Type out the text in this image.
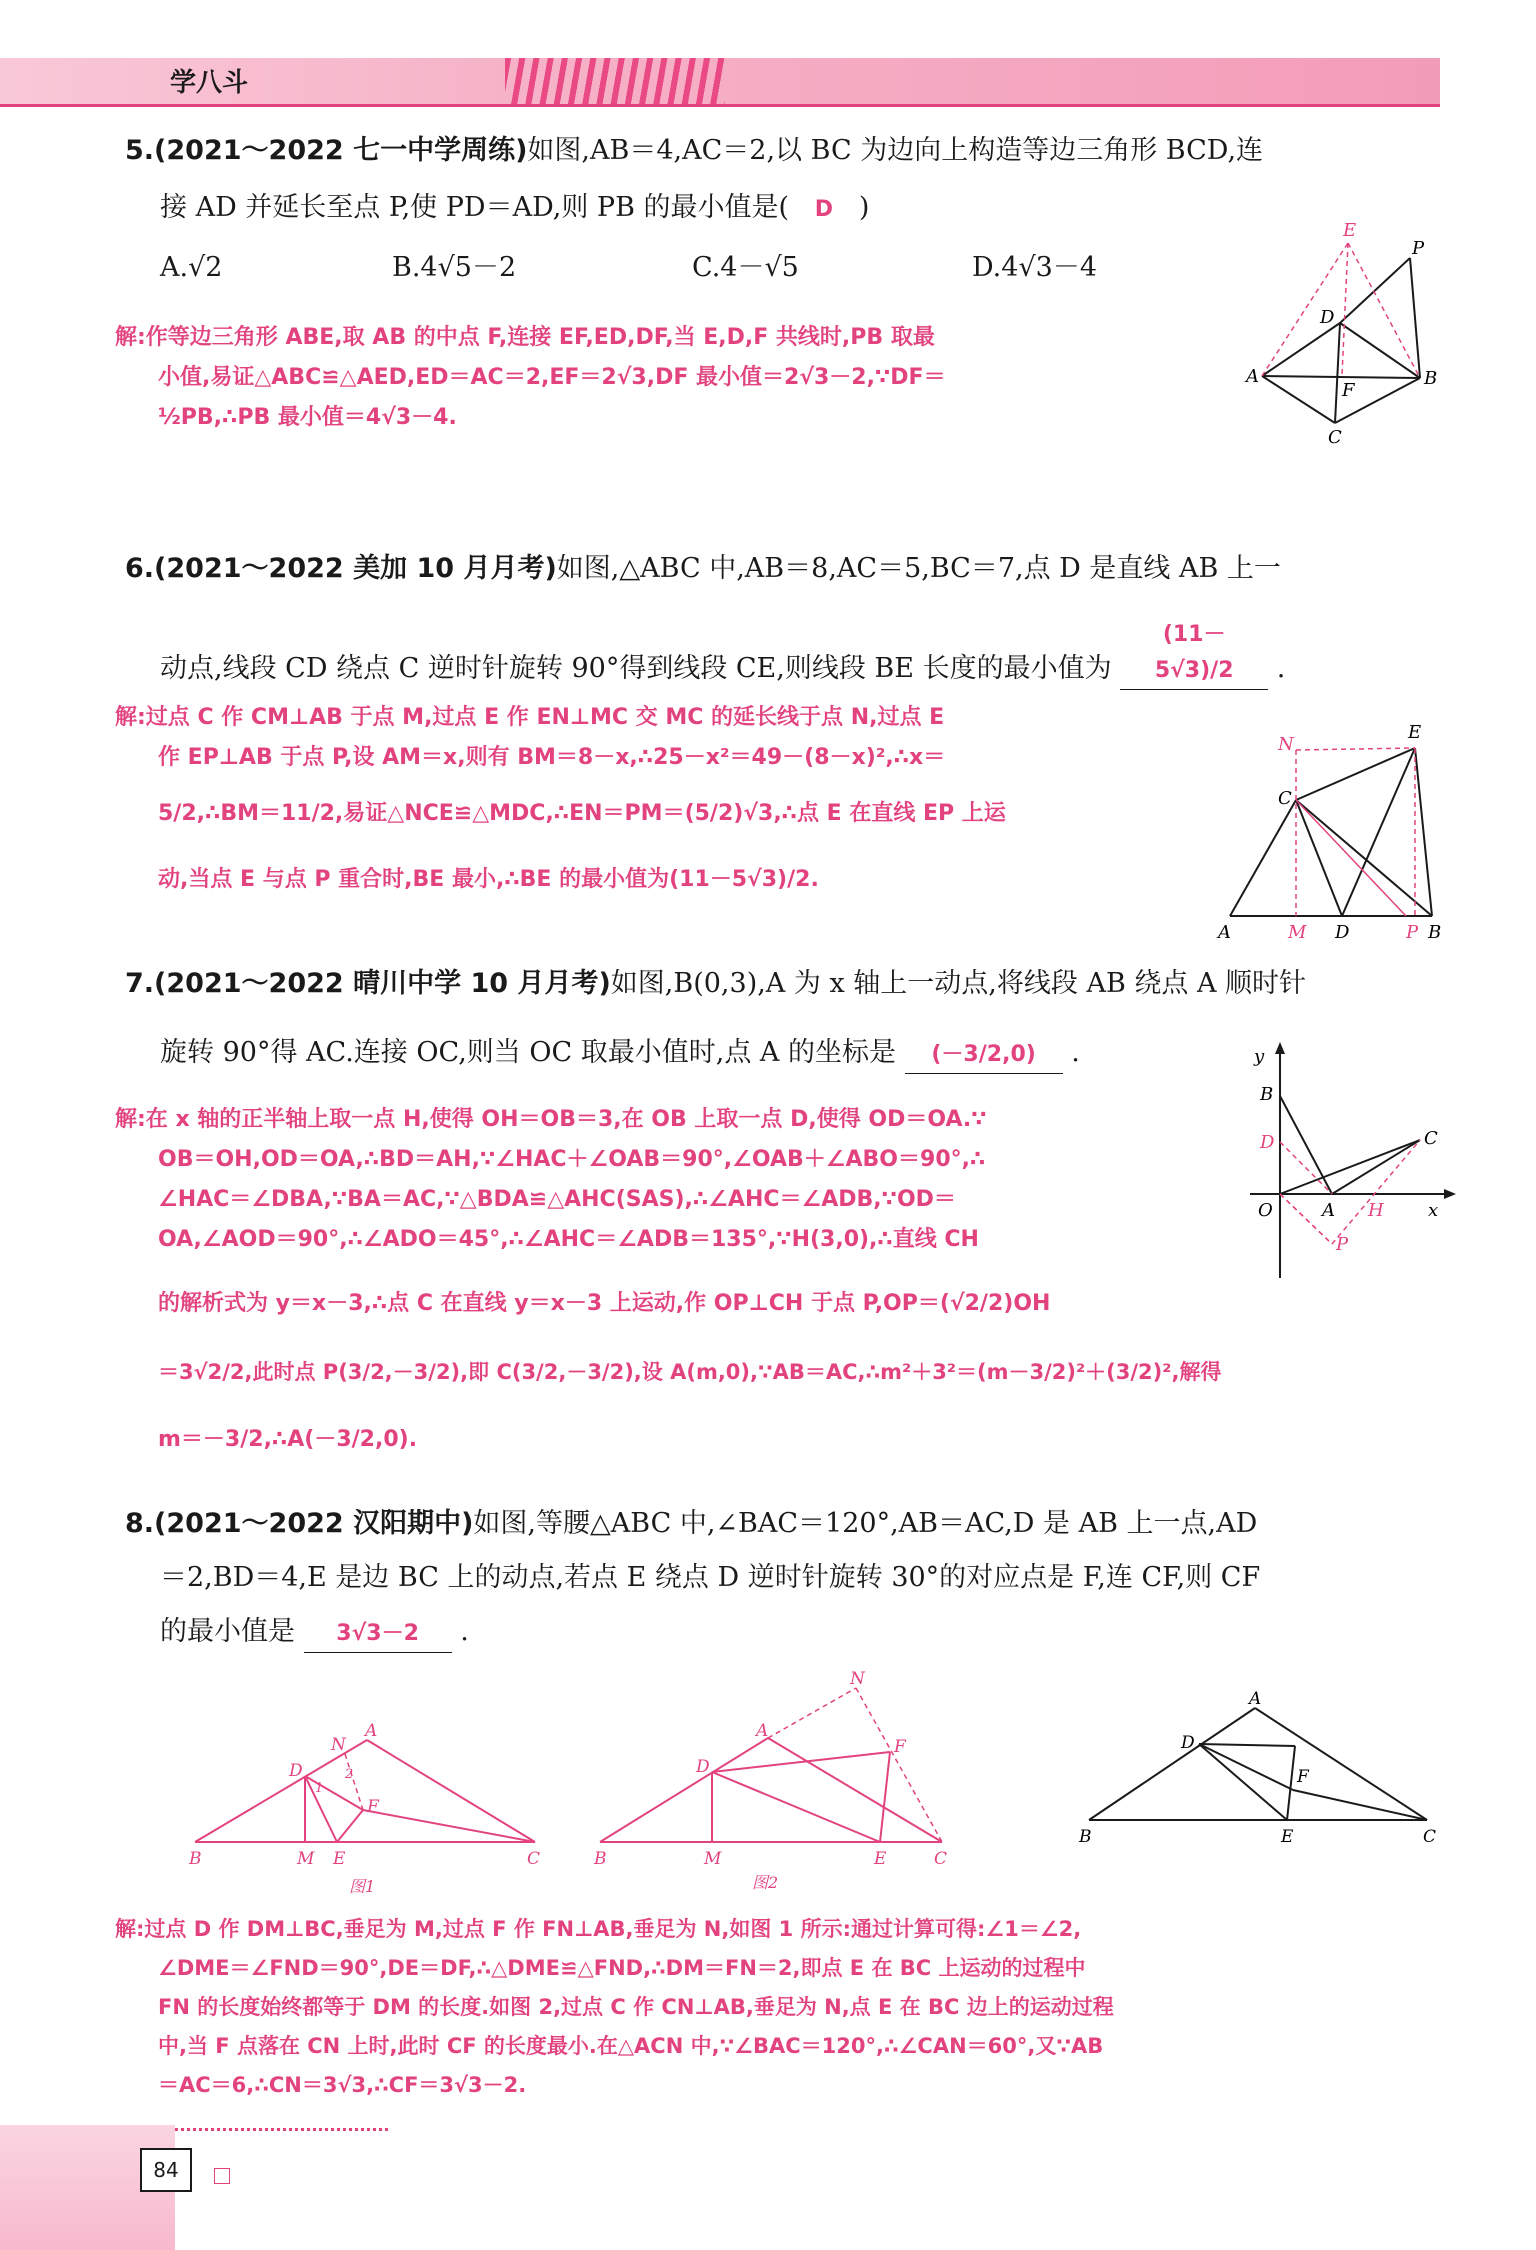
学八斗
5.(2021～2022 七一中学周练)如图,AB＝4,AC＝2,以 BC 为边向上构造等边三角形 BCD,连
接 AD 并延长至点 P,使 PD＝AD,则 PB 的最小值是( D )
A.√2	B.4√5－2	C.4－√5	D.4√3－4
解:作等边三角形 ABE,取 AB 的中点 F,连接 EF,ED,DF,当 E,D,F 共线时,PB 取最
小值,易证△ABC≌△AED,ED＝AC＝2,EF＝2√3,DF 最小值＝2√3－2,∵DF＝
½PB,∴PB 最小值＝4√3－4.
E
P
D
A
F
B
C
6.(2021～2022 美加 10 月月考)如图,△ABC 中,AB＝8,AC＝5,BC＝7,点 D 是直线 AB 上一
动点,线段 CD 绕点 C 逆时针旋转 90°得到线段 CE,则线段 BE 长度的最小值为 (11－5√3)/2 .
解:过点 C 作 CM⊥AB 于点 M,过点 E 作 EN⊥MC 交 MC 的延长线于点 N,过点 E
作 EP⊥AB 于点 P,设 AM＝x,则有 BM＝8－x,∴25－x²＝49－(8－x)²,∴x＝
5/2,∴BM＝11/2,易证△NCE≌△MDC,∴EN＝PM＝(5/2)√3,∴点 E 在直线 EP 上运
动,当点 E 与点 P 重合时,BE 最小,∴BE 的最小值为(11－5√3)/2.
N
E
C
A	M D	P B
7.(2021～2022 晴川中学 10 月月考)如图,B(0,3),A 为 x 轴上一动点,将线段 AB 绕点 A 顺时针
旋转 90°得 AC.连接 OC,则当 OC 取最小值时,点 A 的坐标是 (－3/2,0) .
解:在 x 轴的正半轴上取一点 H,使得 OH＝OB＝3,在 OB 上取一点 D,使得 OD＝OA.∵
OB＝OH,OD＝OA,∴BD＝AH,∵∠HAC＋∠OAB＝90°,∠OAB＋∠ABO＝90°,∴
∠HAC＝∠DBA,∵BA＝AC,∵△BDA≌△AHC(SAS),∴∠AHC＝∠ADB,∵OD＝
OA,∠AOD＝90°,∴∠ADO＝45°,∴∠AHC＝∠ADB＝135°,∵H(3,0),∴直线 CH
的解析式为 y＝x－3,∴点 C 在直线 y＝x－3 上运动,作 OP⊥CH 于点 P,OP＝(√2/2)OH
＝3√2/2,此时点 P(3/2,－3/2),即 C(3/2,－3/2),设 A(m,0),∵AB＝AC,∴m²＋3²＝(m－3/2)²＋(3/2)²,解得
m＝－3/2,∴A(－3/2,0).
y
B
D	C
O	A H x
P
8.(2021～2022 汉阳期中)如图,等腰△ABC 中,∠BAC＝120°,AB＝AC,D 是 AB 上一点,AD
＝2,BD＝4,E 是边 BC 上的动点,若点 E 绕点 D 逆时针旋转 30°的对应点是 F,连 CF,则 CF
的最小值是 3√3－2 .
B	M E	C
D
A
N
F
1
2
图1
B	M	E	C
D
A
N
F
图2
A
D
F
B	E	C
解:过点 D 作 DM⊥BC,垂足为 M,过点 F 作 FN⊥AB,垂足为 N,如图 1 所示:通过计算可得:∠1＝∠2,
∠DME＝∠FND＝90°,DE＝DF,∴△DME≌△FND,∴DM＝FN＝2,即点 E 在 BC 上运动的过程中
FN 的长度始终都等于 DM 的长度.如图 2,过点 C 作 CN⊥AB,垂足为 N,点 E 在 BC 边上的运动过程
中,当 F 点落在 CN 上时,此时 CF 的长度最小.在△ACN 中,∵∠BAC＝120°,∴∠CAN＝60°,又∵AB
＝AC＝6,∴CN＝3√3,∴CF＝3√3－2.
84
